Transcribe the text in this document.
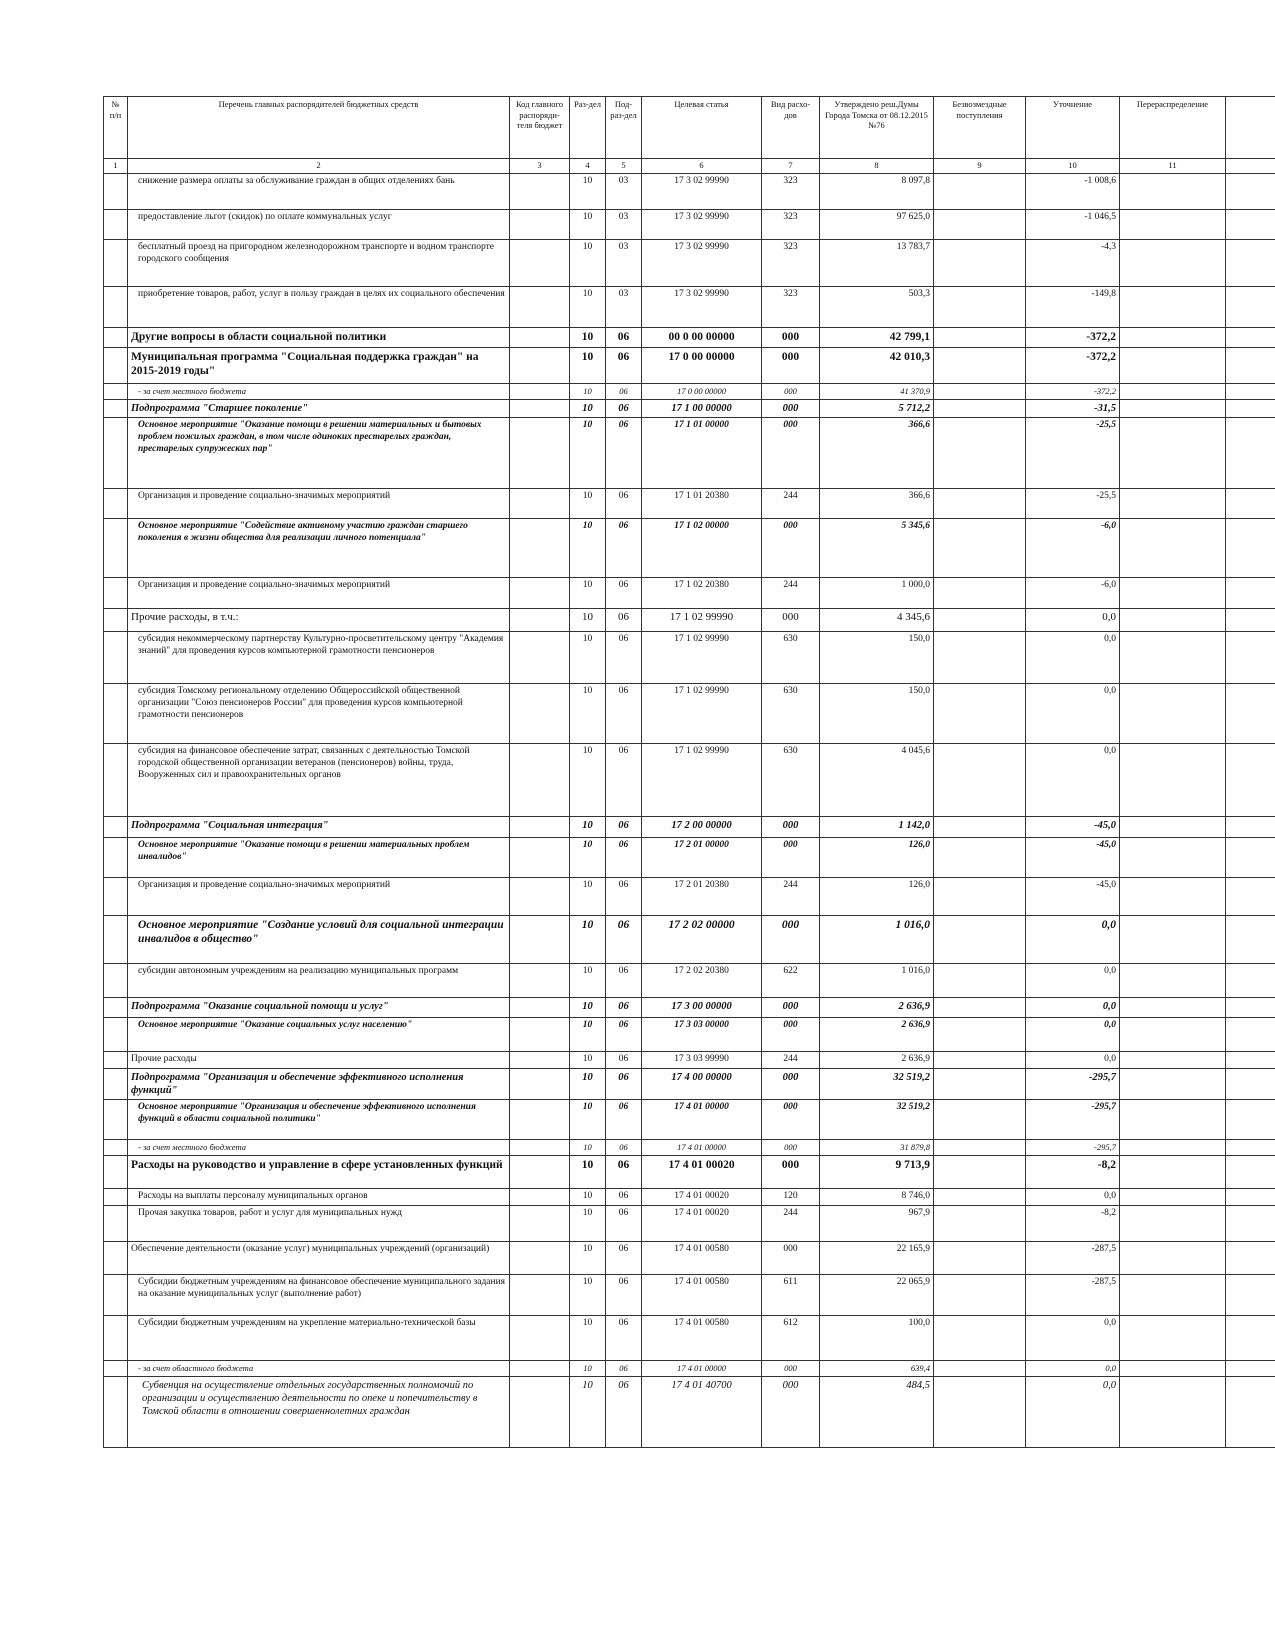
№ п/п	Перечень главных распорядителей бюджетных средств	Код главного распоряди-теля бюджет	Раз-дел	Под-раз-дел	Целевая статья	Вид расхо-дов	Утверждено реш.Думы Города Томска от 08.12.2015 №76	Безвозмездные поступления	Уточнение	Перераспределение	
1	2	3	4	5	6	7	8	9	10	11	
	снижение размера оплаты за обслуживание граждан в общих отделениях бань		10	03	17 3 02 99990	323	8 097,8		-1 008,6		
	предоставление льгот (скидок) по оплате коммунальных услуг		10	03	17 3 02 99990	323	97 625,0		-1 046,5		
	бесплатный проезд на пригородном железнодорожном транспорте и водном транспорте городского сообщения		10	03	17 3 02 99990	323	13 783,7		-4,3		
	приобретение товаров, работ, услуг в пользу граждан в целях их социального обеспечения		10	03	17 3 02 99990	323	503,3		-149,8		
	Другие вопросы в области социальной политики		10	06	00 0 00 00000	000	42 799,1		-372,2		
	Муниципальная программа "Социальная поддержка граждан" на 2015-2019 годы"		10	06	17 0 00 00000	000	42 010,3		-372,2		
	- за счет местного бюджета		10	06	17 0 00 00000	000	41 370,9		-372,2		
	Подпрограмма "Старшее поколение"		10	06	17 1 00 00000	000	5 712,2		-31,5		
	Основное мероприятие "Оказание помощи в решении материальных и бытовых проблем пожилых граждан, в том числе одиноких престарелых граждан, престарелых супружеских пар"		10	06	17 1 01 00000	000	366,6		-25,5		
	Организация и проведение социально-значимых мероприятий		10	06	17 1 01 20380	244	366,6		-25,5		
	Основное мероприятие "Содействие активному участию граждан старшего поколения в жизни общества для реализации личного потенциала"		10	06	17 1 02 00000	000	5 345,6		-6,0		
	Организация и проведение социально-значимых мероприятий		10	06	17 1 02 20380	244	1 000,0		-6,0		
	Прочие расходы, в т.ч.:		10	06	17 1 02 99990	000	4 345,6		0,0		
	субсидия некоммерческому партнерству Культурно-просветительскому центру "Академия знаний" для проведения курсов компьютерной грамотности пенсионеров		10	06	17 1 02 99990	630	150,0		0,0		
	субсидия Томскому региональному отделению Общероссийской общественной организации "Союз пенсионеров России" для проведения курсов компьютерной грамотности пенсионеров		10	06	17 1 02 99990	630	150,0		0,0		
	субсидия на финансовое обеспечение затрат, связанных с деятельностью Томской городской общественной организации ветеранов (пенсионеров) войны, труда, Вооруженных сил и правоохранительных органов		10	06	17 1 02 99990	630	4 045,6		0,0		
	Подпрограмма "Социальная интеграция"		10	06	17 2 00 00000	000	1 142,0		-45,0		
	Основное мероприятие "Оказание помощи в решении материальных проблем инвалидов"		10	06	17 2 01 00000	000	126,0		-45,0		
	Организация и проведение социально-значимых мероприятий		10	06	17 2 01 20380	244	126,0		-45,0		
	Основное мероприятие "Создание условий для социальной интеграции инвалидов в общество"		10	06	17 2 02 00000	000	1 016,0		0,0		
	субсидии автономным учреждениям на реализацию муниципальных программ		10	06	17 2 02 20380	622	1 016,0		0,0		
	Подпрограмма "Оказание социальной помощи и услуг"		10	06	17 3 00 00000	000	2 636,9		0,0		
	Основное мероприятие "Оказание социальных услуг населению"		10	06	17 3 03 00000	000	2 636,9		0,0		
	Прочие расходы		10	06	17 3 03 99990	244	2 636,9		0,0		
	Подпрограмма "Организация и обеспечение эффективного исполнения функций"		10	06	17 4 00 00000	000	32 519,2		-295,7		
	Основное мероприятие "Организация и обеспечение эффективного исполнения функций в области социальной политики"		10	06	17 4 01 00000	000	32 519,2		-295,7		
	- за счет местного бюджета		10	06	17 4 01 00000	000	31 879,8		-295,7		
	Расходы на руководство и управление в сфере установленных функций		10	06	17 4 01 00020	000	9 713,9		-8,2		
	Расходы на выплаты персоналу муниципальных органов		10	06	17 4 01 00020	120	8 746,0		0,0		
	Прочая закупка товаров, работ и услуг для муниципальных нужд		10	06	17 4 01 00020	244	967,9		-8,2		
	Обеспечение деятельности (оказание услуг) муниципальных учреждений (организаций)		10	06	17 4 01 00580	000	22 165,9		-287,5		
	Субсидии бюджетным учреждениям на финансовое обеспечение муниципального задания на оказание муниципальных услуг (выполнение работ)		10	06	17 4 01 00580	611	22 065,9		-287,5		
	Субсидии бюджетным учреждениям на укрепление материально-технической базы		10	06	17 4 01 00580	612	100,0		0,0		
	- за счет областного бюджета		10	06	17 4 01 00000	000	639,4		0,0		
	Субвенция на осуществление отдельных государственных полномочий по организации и осуществлению деятельности по опеке и попечительству в Томской области в отношении совершеннолетних граждан		10	06	17 4 01 40700	000	484,5		0,0		
